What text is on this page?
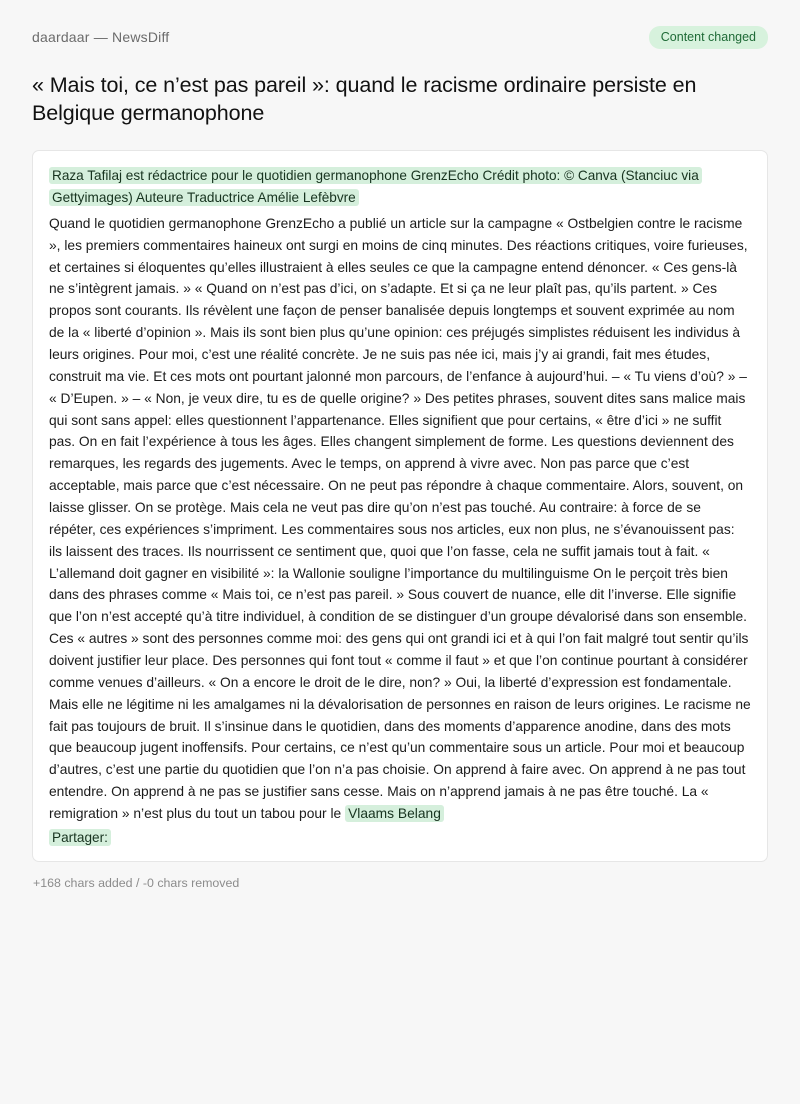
daardaar — NewsDiff	Content changed
« Mais toi, ce n’est pas pareil »: quand le racisme ordinaire persiste en Belgique germanophone

Raza Tafilaj est rédactrice pour le quotidien germanophone GrenzEcho Crédit photo: © Canva (Stanciuc via Gettyimages) Auteure Traductrice Amélie Lefèbvre

Quand le quotidien germanophone GrenzEcho a publié un article sur la campagne « Ostbelgien contre le racisme », les premiers commentaires haineux ont surgi en moins de cinq minutes. Des réactions critiques, voire furieuses, et certaines si éloquentes qu’elles illustraient à elles seules ce que la campagne entend dénoncer. « Ces gens-là ne s’intègrent jamais. » « Quand on n’est pas d’ici, on s’adapte. Et si ça ne leur plaît pas, qu’ils partent. » Ces propos sont courants. Ils révèlent une façon de penser banalisée depuis longtemps et souvent exprimée au nom de la « liberté d’opinion ». Mais ils sont bien plus qu’une opinion: ces préjugés simplistes réduisent les individus à leurs origines. Pour moi, c’est une réalité concrète. Je ne suis pas née ici, mais j’y ai grandi, fait mes études, construit ma vie. Et ces mots ont pourtant jalonné mon parcours, de l’enfance à aujourd’hui. – « Tu viens d’où? » – « D’Eupen. » – « Non, je veux dire, tu es de quelle origine? » Des petites phrases, souvent dites sans malice mais qui sont sans appel: elles questionnent l’appartenance. Elles signifient que pour certains, « être d’ici » ne suffit pas. On en fait l’expérience à tous les âges. Elles changent simplement de forme. Les questions deviennent des remarques, les regards des jugements. Avec le temps, on apprend à vivre avec. Non pas parce que c’est acceptable, mais parce que c’est nécessaire. On ne peut pas répondre à chaque commentaire. Alors, souvent, on laisse glisser. On se protège. Mais cela ne veut pas dire qu’on n’est pas touché. Au contraire: à force de se répéter, ces expériences s’impriment. Les commentaires sous nos articles, eux non plus, ne s’évanouissent pas: ils laissent des traces. Ils nourrissent ce sentiment que, quoi que l’on fasse, cela ne suffit jamais tout à fait. « L’allemand doit gagner en visibilité »: la Wallonie souligne l’importance du multilinguisme On le perçoit très bien dans des phrases comme « Mais toi, ce n’est pas pareil. » Sous couvert de nuance, elle dit l’inverse. Elle signifie que l’on n’est accepté qu’à titre individuel, à condition de se distinguer d’un groupe dévalorisé dans son ensemble. Ces « autres » sont des personnes comme moi: des gens qui ont grandi ici et à qui l’on fait malgré tout sentir qu’ils doivent justifier leur place. Des personnes qui font tout « comme il faut » et que l’on continue pourtant à considérer comme venues d’ailleurs. « On a encore le droit de le dire, non? » Oui, la liberté d’expression est fondamentale. Mais elle ne légitime ni les amalgames ni la dévalorisation de personnes en raison de leurs origines. Le racisme ne fait pas toujours de bruit. Il s’insinue dans le quotidien, dans des moments d’apparence anodine, dans des mots que beaucoup jugent inoffensifs. Pour certains, ce n’est qu’un commentaire sous un article. Pour moi et beaucoup d’autres, c’est une partie du quotidien que l’on n’a pas choisie. On apprend à faire avec. On apprend à ne pas tout entendre. On apprend à ne pas se justifier sans cesse. Mais on n’apprend jamais à ne pas être touché. La « remigration » n’est plus du tout un tabou pour le Vlaams Belang

Partager:
+168 chars added / -0 chars removed
